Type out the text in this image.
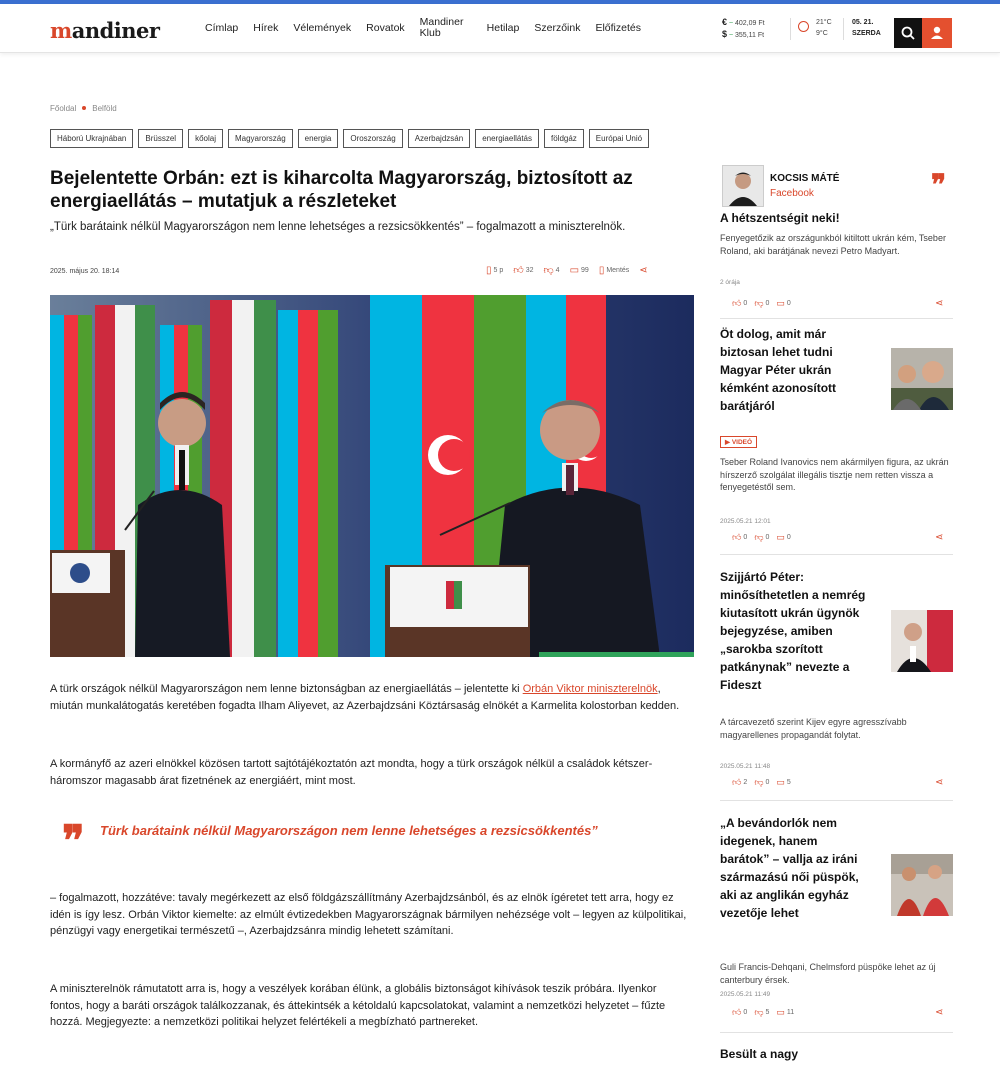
mandiner	Címlap Hírek Vélemények Rovatok Mandiner Klub	Hetilap Szerzőink Előfizetés	€ ~ 402,09 Ft
$ ~ 355,11 Ft
21°C
9°C
05. 21.
SZERDA
Főoldal Belföld
Háború Ukrajnában	Brüsszel	kőolaj	Magyarország	energia	Oroszország	Azerbajdzsán	energiaellátás	földgáz	Európai Unió
Bejelentette Orbán: ezt is kiharcolta Magyarország, biztosított az energiaellátás – mutatjuk a részleteket

„Türk barátaink nélkül Magyarországon nem lenne lehetséges a rezsicsökkentés” – fogalmazott a miniszterelnök.

2025. május 20. 18:14	▯ 5 p 👍︎ 32 👎︎ 4 ▭ 99 ▯ Mentés ⋖

A türk országok nélkül Magyarországon nem lenne biztonságban az energiaellátás – jelentette ki Orbán Viktor miniszterelnök, miután munkalátogatás keretében fogadta Ilham Aliyevet, az Azerbajdzsáni Köztársaság elnökét a Karmelita kolostorban kedden.

A kormányfő az azeri elnökkel közösen tartott sajtótájékoztatón azt mondta, hogy a türk országok nélkül a családok kétszer-háromszor magasabb árat fizetnének az energiáért, mint most.

❞ Türk barátaink nélkül Magyarországon nem lenne lehetséges a rezsicsökkentés”

– fogalmazott, hozzátéve: tavaly megérkezett az első földgázszállítmány Azerbajdzsánból, és az elnök ígéretet tett arra, hogy ez idén is így lesz. Orbán Viktor kiemelte: az elmúlt évtizedekben Magyarországnak bármilyen nehézsége volt – legyen az külpolitikai, pénzügyi vagy energetikai természetű –, Azerbajdzsánra mindig lehetett számítani.

A miniszterelnök rámutatott arra is, hogy a veszélyek korában élünk, a globális biztonságot kihívások teszik próbára. Ilyenkor fontos, hogy a baráti országok találkozzanak, és áttekintsék a kétoldalú kapcsolatokat, valamint a nemzetközi helyzetet – fűzte hozzá. Megjegyezte: a nemzetközi politikai helyzet felértékeli a megbízható partnereket.

KOCSIS MÁTÉ
Facebook	❞
A hétszentségit neki!

Fenyegetőzik az országunkból kitiltott ukrán kém, Tseber Roland, aki barátjának nevezi Petro Madyart.

2 órája
👍︎ 0 👎︎ 0 ▭ 0	⋖
Öt dolog, amit már biztosan lehet tudni Magyar Péter ukrán kémként azonosított barátjáról
▶ VIDEÓ

Tseber Roland Ivanovics nem akármilyen figura, az ukrán hírszerző szolgálat illegális tisztje nem retten vissza a fenyegetéstől sem.

2025.05.21 12:01
👍︎ 0 👎︎ 0 ▭ 0	⋖
Szijjártó Péter: minősíthetetlen a nemrég kiutasított ukrán ügynök bejegyzése, amiben „sarokba szorított patkánynak” nevezte a Fideszt

A tárcavezető szerint Kijev egyre agresszívabb magyarellenes propagandát folytat.

2025.05.21 11:48
👍︎ 2 👎︎ 0 ▭ 5	⋖
„A bevándorlók nem idegenek, hanem barátok” – vallja az iráni származású női püspök, aki az anglikán egyház vezetője lehet

Guli Francis-Dehqani, Chelmsford püspöke lehet az új canterbury érsek.

2025.05.21 11:49
👍︎ 0 👎︎ 5 ▭ 11	⋖
Besült a nagy
